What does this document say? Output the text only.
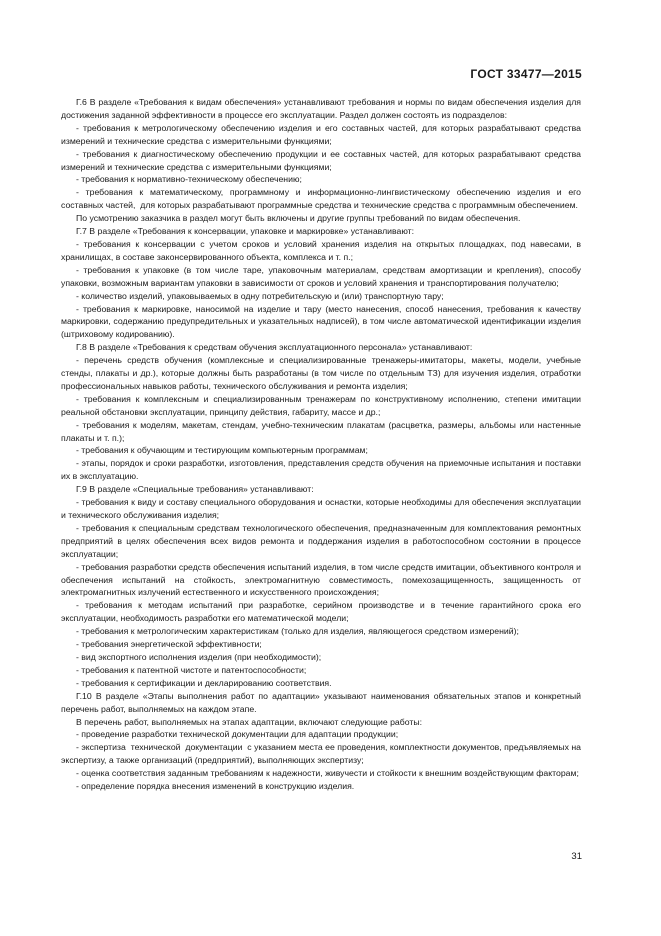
ГОСТ 33477—2015

Г.6 В разделе «Требования к видам обеспечения» устанавливают требования и нормы по видам обеспечения изделия для достижения заданной эффективности в процессе его эксплуатации. Раздел должен состоять из подразделов:

- требования к метрологическому обеспечению изделия и его составных частей, для которых разрабатывают средства измерений и технические средства с измерительными функциями;

- требования к диагностическому обеспечению продукции и ее составных частей, для которых разрабатывают средства измерений и технические средства с измерительными функциями;

- требования к нормативно-техническому обеспечению;

- требования к математическому, программному и информационно-лингвистическому обеспечению изделия и его составных частей,  для которых разрабатывают программные средства и технические средства с программным обеспечением.

По усмотрению заказчика в раздел могут быть включены и другие группы требований по видам обеспечения.

Г.7 В разделе «Требования к консервации, упаковке и маркировке» устанавливают:

- требования к консервации с учетом сроков и условий хранения изделия на открытых площадках, под навесами, в хранилищах, в составе законсервированного объекта, комплекса и т. п.;

- требования к упаковке (в том числе таре, упаковочным материалам, средствам амортизации и крепления), способу упаковки, возможным вариантам упаковки в зависимости от сроков и условий хранения и транспортирования получателю;

- количество изделий, упаковываемых в одну потребительскую и (или) транспортную тару;

- требования к маркировке, наносимой на изделие и тару (место нанесения, способ нанесения, требования к качеству маркировки, содержанию предупредительных и указательных надписей), в том числе автоматической идентификации изделия (штриховому кодированию).

Г.8 В разделе «Требования к средствам обучения эксплуатационного персонала» устанавливают:

- перечень средств обучения (комплексные и специализированные тренажеры-имитаторы, макеты, модели, учебные стенды, плакаты и др.), которые должны быть разработаны (в том числе по отдельным ТЗ) для изучения изделия, отработки профессиональных навыков работы, технического обслуживания и ремонта изделия;

- требования к комплексным и специализированным тренажерам по конструктивному исполнению, степени имитации реальной обстановки эксплуатации, принципу действия, габариту, массе и др.;

- требования к моделям, макетам, стендам, учебно-техническим плакатам (расцветка, размеры, альбомы или настенные плакаты и т. п.);

- требования к обучающим и тестирующим компьютерным программам;

- этапы, порядок и сроки разработки, изготовления, представления средств обучения на приемочные испытания и поставки их в эксплуатацию.

Г.9 В разделе «Специальные требования» устанавливают:

- требования к виду и составу специального оборудования и оснастки, которые необходимы для обеспечения эксплуатации и технического обслуживания изделия;

- требования к специальным средствам технологического обеспечения, предназначенным для комплектования ремонтных предприятий в целях обеспечения всех видов ремонта и поддержания изделия в работоспособном состоянии в процессе эксплуатации;

- требования разработки средств обеспечения испытаний изделия, в том числе средств имитации, объективного контроля и обеспечения испытаний на стойкость, электромагнитную совместимость, помехозащищенность, защищенность от электромагнитных излучений естественного и искусственного происхождения;

- требования к методам испытаний при разработке, серийном производстве и в течение гарантийного срока его эксплуатации, необходимость разработки его математической модели;

- требования к метрологическим характеристикам (только для изделия, являющегося средством измерений);

- требования энергетической эффективности;

- вид экспортного исполнения изделия (при необходимости);

- требования к патентной чистоте и патентоспособности;

- требования к сертификации и декларированию соответствия.

Г.10 В разделе «Этапы выполнения работ по адаптации» указывают наименования обязательных этапов и конкретный перечень работ, выполняемых на каждом этапе.

В перечень работ, выполняемых на этапах адаптации, включают следующие работы:

- проведение разработки технической документации для адаптации продукции;

- экспертиза  технической  документации  с указанием места ее проведения, комплектности документов, предъявляемых на экспертизу, а также организаций (предприятий), выполняющих экспертизу;

- оценка соответствия заданным требованиям к надежности, живучести и стойкости к внешним воздействующим факторам;

- определение порядка внесения изменений в конструкцию изделия.

31
